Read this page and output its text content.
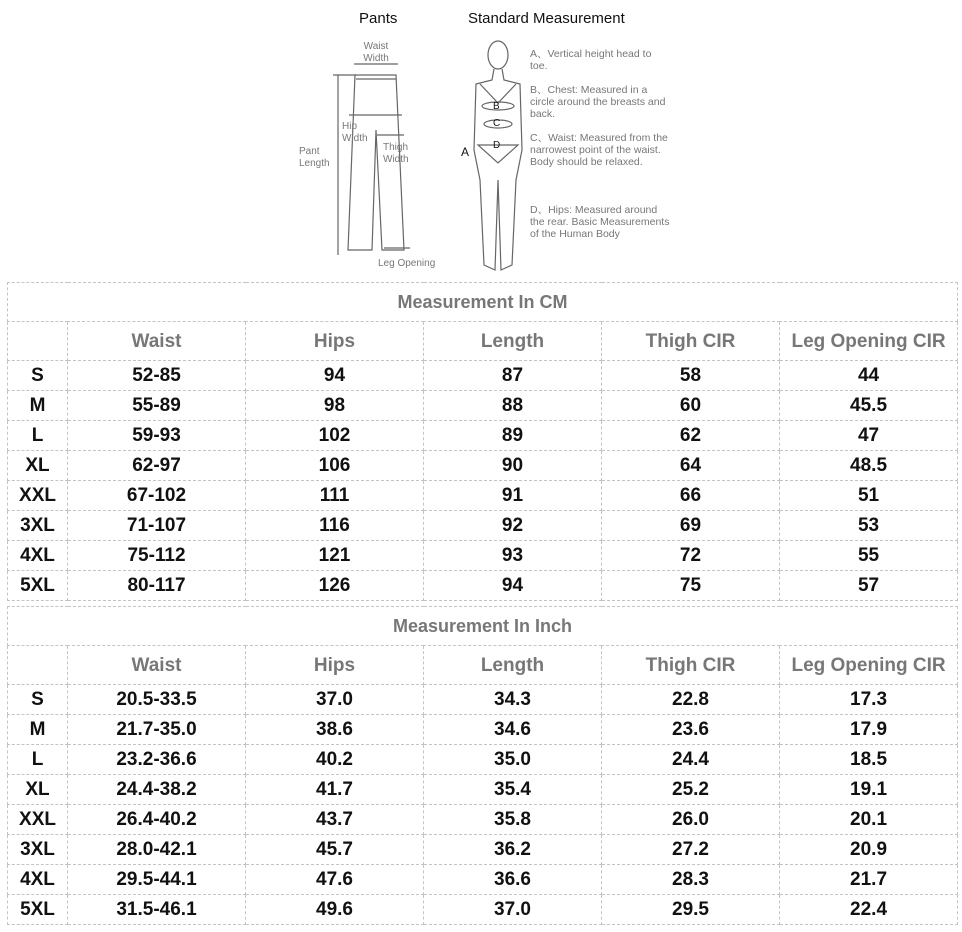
Pants	Standard Measurement
Waist Width
Hip Width
Thigh Width
Pant Length
Leg Opening
B
C
D
A
A、Vertical height head to toe.
B、Chest: Measured in a circle around the breasts and back.
C、Waist: Measured from the narrowest point of the waist. Body should be relaxed.
D、Hips: Measured around the rear. Basic Measurements of the Human Body
Measurement In CM					
	Waist	Hips	Length	Thigh CIR	Leg Opening CIR
S	52-85	94	87	58	44
M	55-89	98	88	60	45.5
L	59-93	102	89	62	47
XL	62-97	106	90	64	48.5
XXL	67-102	111	91	66	51
3XL	71-107	116	92	69	53
4XL	75-112	121	93	72	55
5XL	80-117	126	94	75	57
Measurement In Inch					
	Waist	Hips	Length	Thigh CIR	Leg Opening CIR
S	20.5-33.5	37.0	34.3	22.8	17.3
M	21.7-35.0	38.6	34.6	23.6	17.9
L	23.2-36.6	40.2	35.0	24.4	18.5
XL	24.4-38.2	41.7	35.4	25.2	19.1
XXL	26.4-40.2	43.7	35.8	26.0	20.1
3XL	28.0-42.1	45.7	36.2	27.2	20.9
4XL	29.5-44.1	47.6	36.6	28.3	21.7
5XL	31.5-46.1	49.6	37.0	29.5	22.4
